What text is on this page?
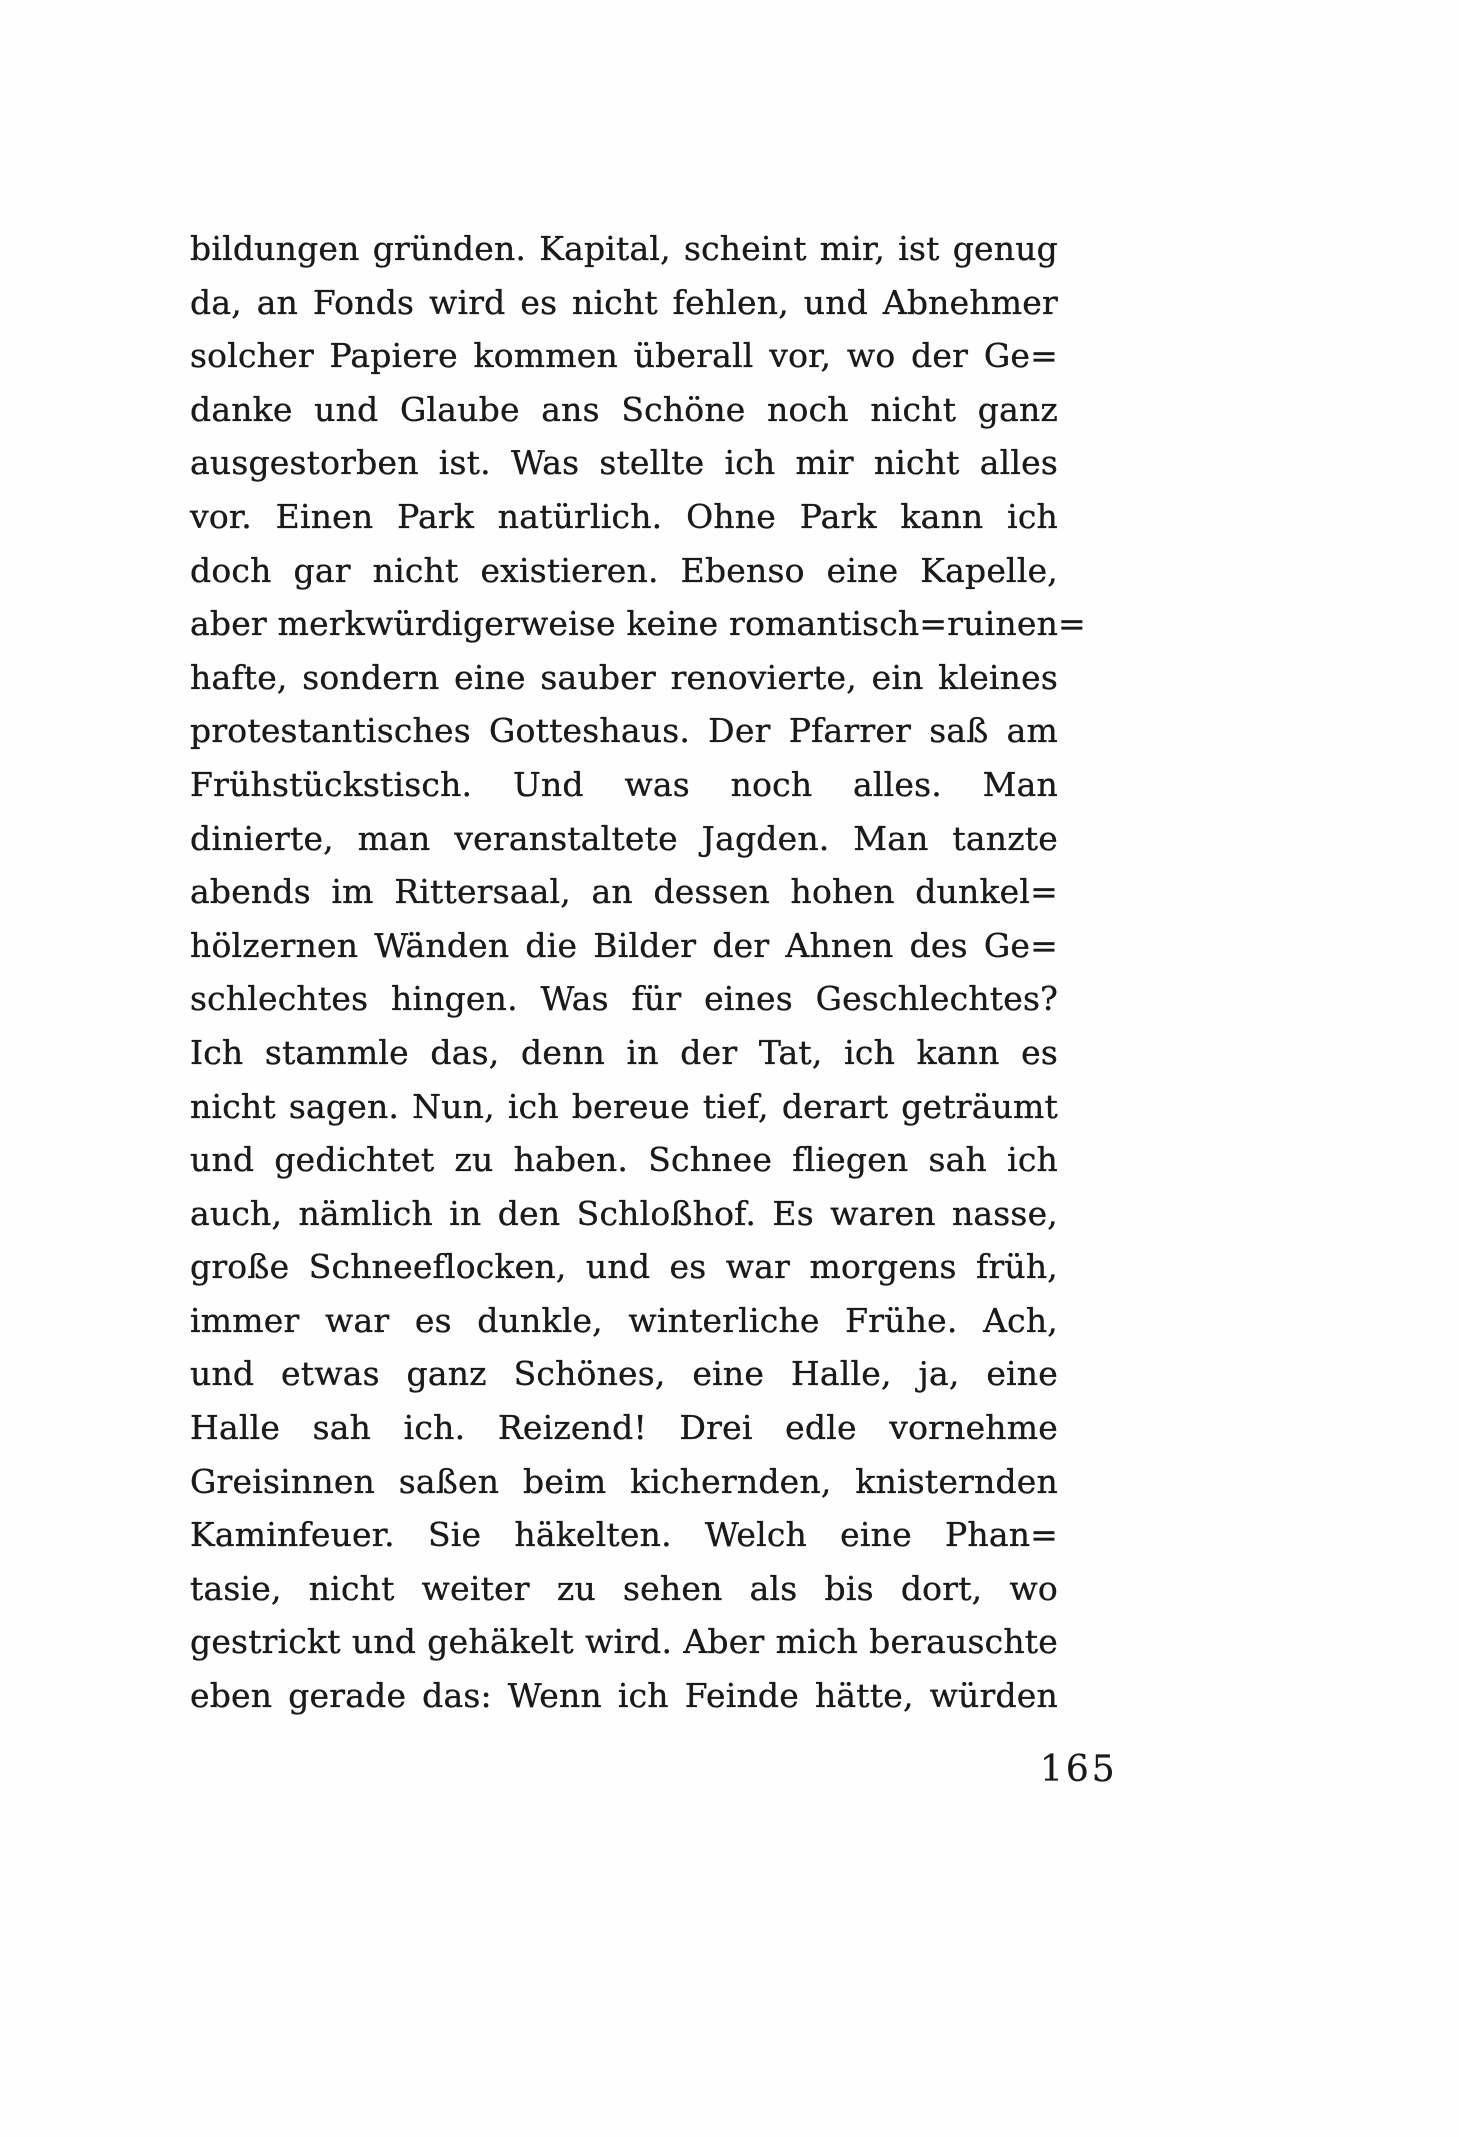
bildungen gründen. Kapital, scheint mir, ist genug

da, an Fonds wird es nicht fehlen, und Abnehmer

solcher Papiere kommen überall vor, wo der Ge=

danke und Glaube ans Schöne noch nicht ganz

ausgestorben ist. Was stellte ich mir nicht alles

vor. Einen Park natürlich. Ohne Park kann ich

doch gar nicht existieren. Ebenso eine Kapelle,

aber merkwürdigerweise keine romantisch=ruinen=

hafte, sondern eine sauber renovierte, ein kleines

protestantisches Gotteshaus. Der Pfarrer saß am

Frühstückstisch. Und was noch alles. Man

dinierte, man veranstaltete Jagden. Man tanzte

abends im Rittersaal, an dessen hohen dunkel=

hölzernen Wänden die Bilder der Ahnen des Ge=

schlechtes hingen. Was für eines Geschlechtes?

Ich stammle das, denn in der Tat, ich kann es

nicht sagen. Nun, ich bereue tief, derart geträumt

und gedichtet zu haben. Schnee fliegen sah ich

auch, nämlich in den Schloßhof. Es waren nasse,

große Schneeflocken, und es war morgens früh,

immer war es dunkle, winterliche Frühe. Ach,

und etwas ganz Schönes, eine Halle, ja, eine

Halle sah ich. Reizend! Drei edle vornehme

Greisinnen saßen beim kichernden, knisternden

Kaminfeuer. Sie häkelten. Welch eine Phan=

tasie, nicht weiter zu sehen als bis dort, wo

gestrickt und gehäkelt wird. Aber mich berauschte

eben gerade das: Wenn ich Feinde hätte, würden

165
